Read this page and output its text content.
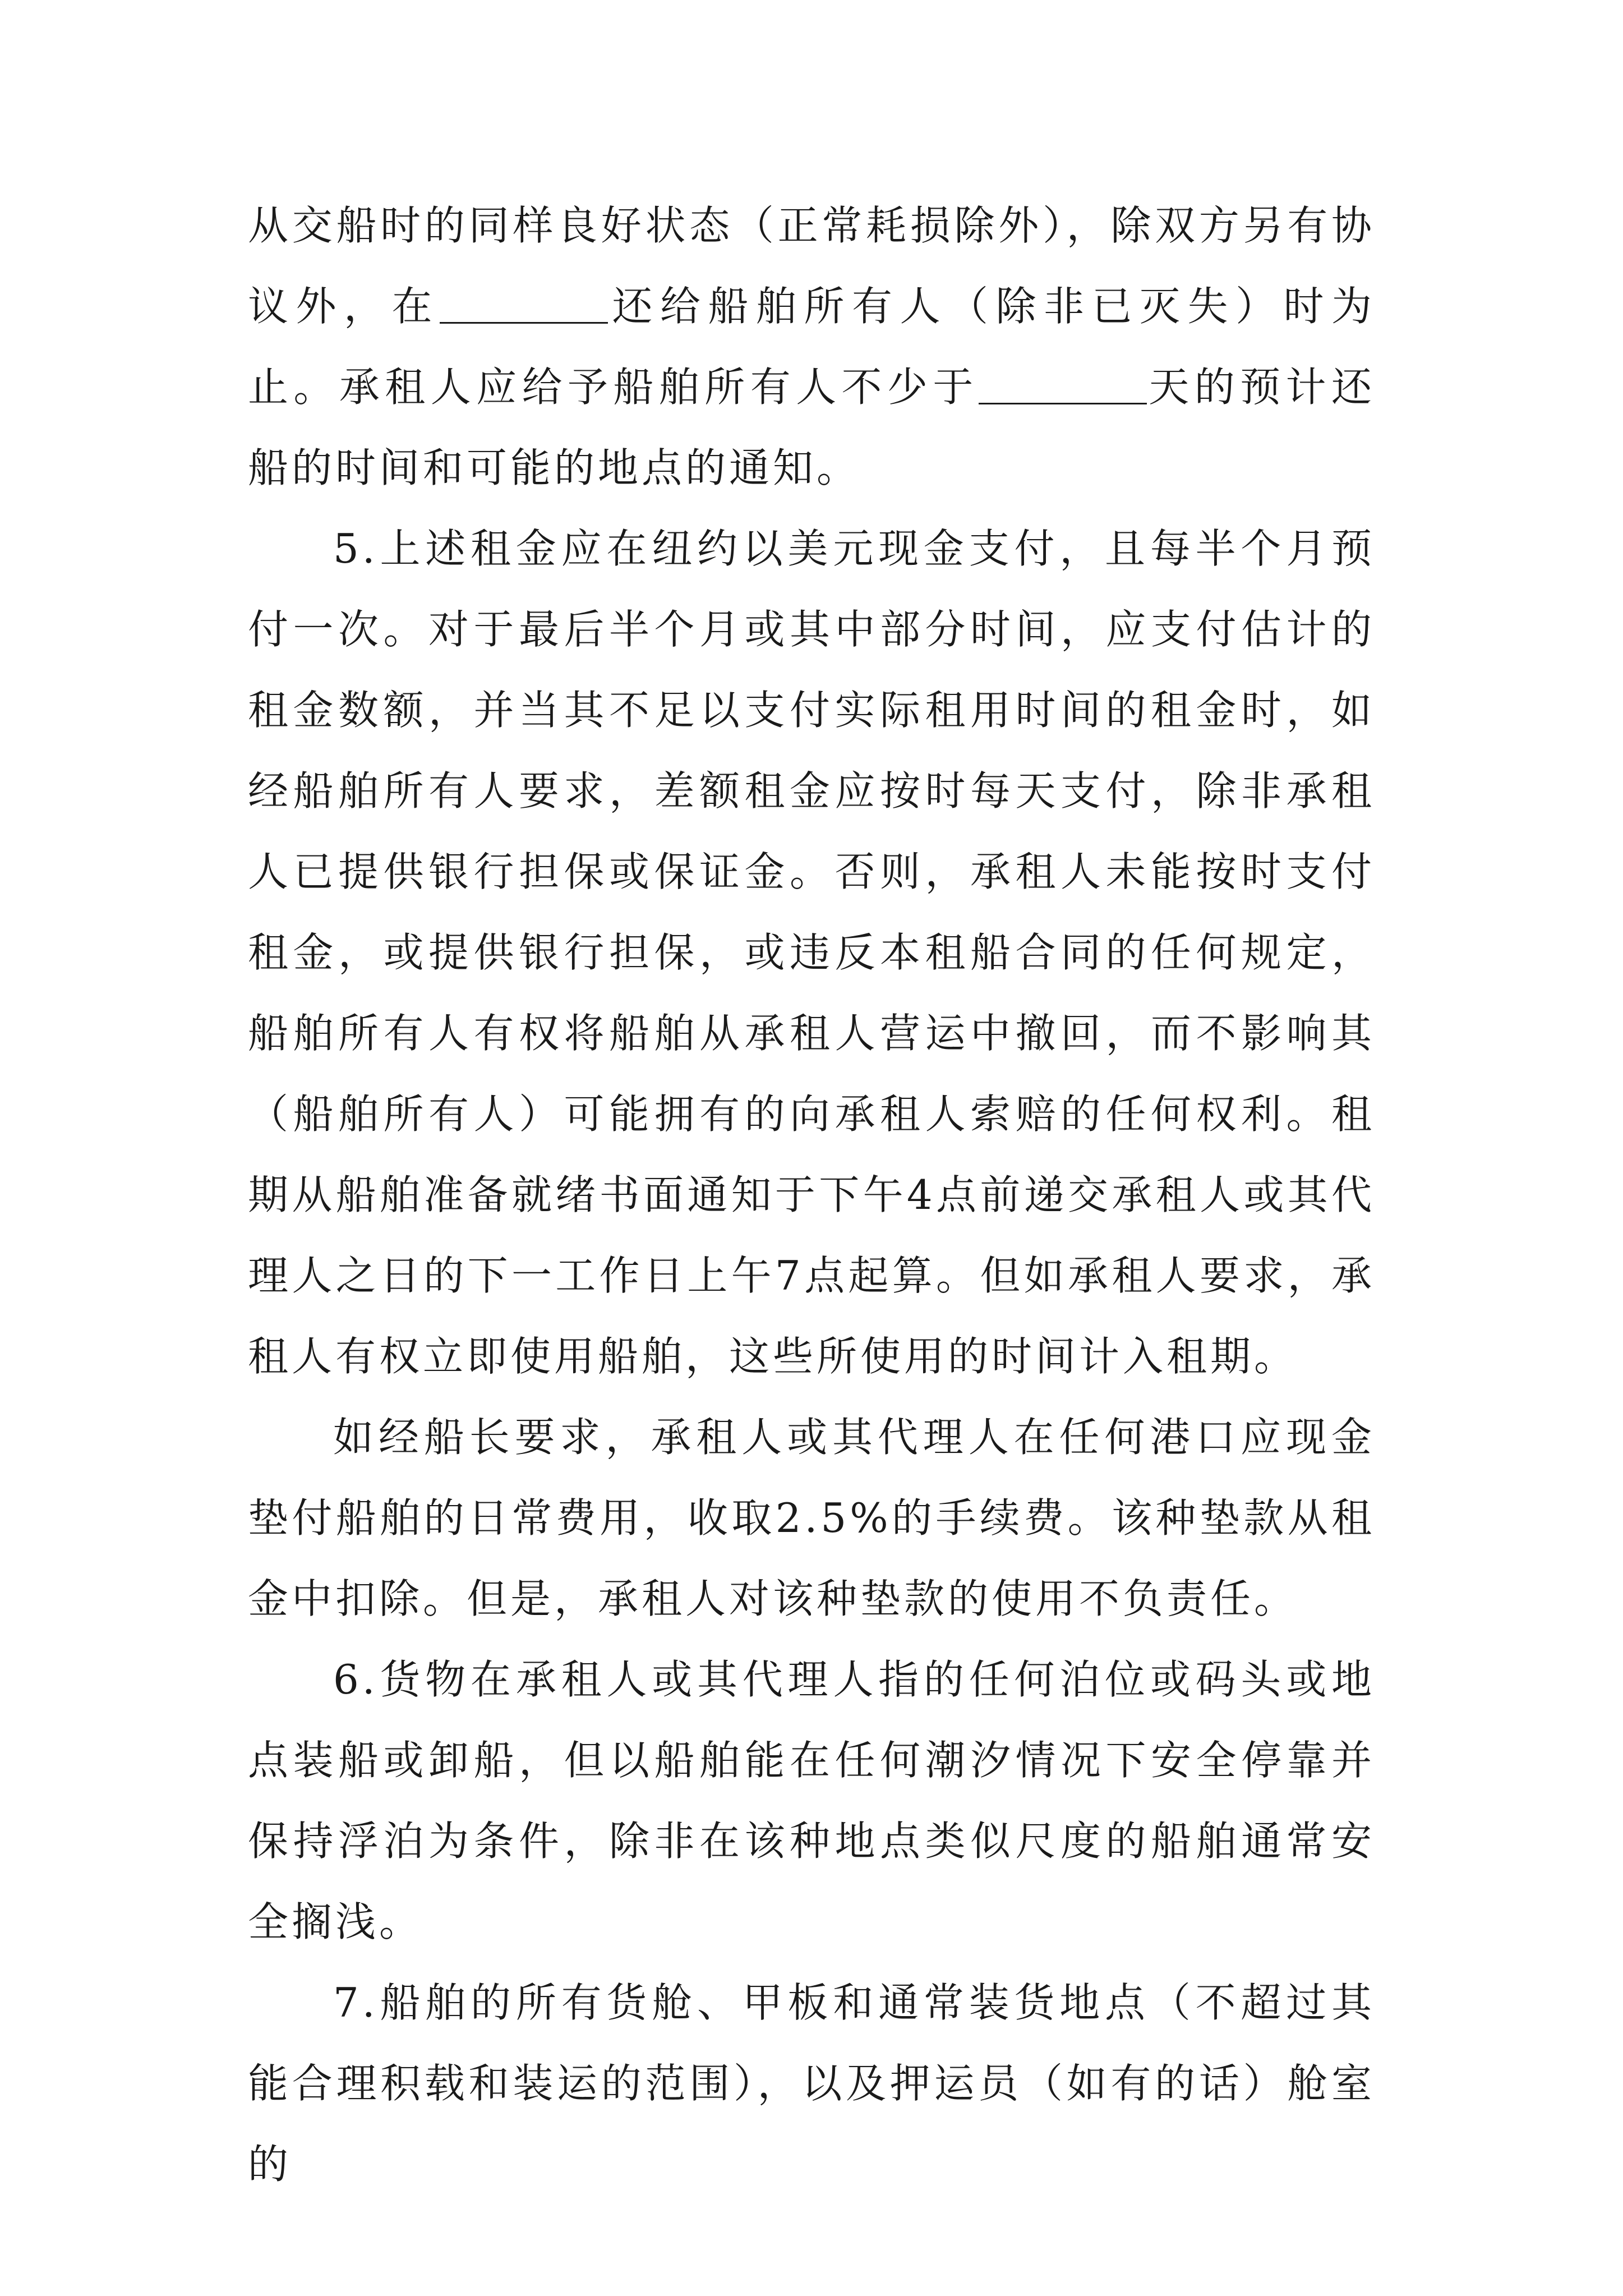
从交船时的同样良好状态（正常耗损除外），除双方另有协议外，在	还给船舶所有人（除非已灭失）时为止。承租人应给予船舶所有人不少于	天的预计还船的时间和可能的地点的通知。

5.上述租金应在纽约以美元现金支付，且每半个月预付一次。对于最后半个月或其中部分时间，应支付估计的租金数额，并当其不足以支付实际租用时间的租金时，如经船舶所有人要求，差额租金应按时每天支付，除非承租人已提供银行担保或保证金。否则，承租人未能按时支付租金，或提供银行担保，或违反本租船合同的任何规定，船舶所有人有权将船舶从承租人营运中撤回，而不影响其（船舶所有人）可能拥有的向承租人索赔的任何权利。租期从船舶准备就绪书面通知于下午4点前递交承租人或其代理人之日的下一工作日上午7点起算。但如承租人要求，承租人有权立即使用船舶，这些所使用的时间计入租期。

如经船长要求，承租人或其代理人在任何港口应现金垫付船舶的日常费用，收取2.5%的手续费。该种垫款从租金中扣除。但是，承租人对该种垫款的使用不负责任。

6.货物在承租人或其代理人指的任何泊位或码头或地点装船或卸船，但以船舶能在任何潮汐情况下安全停靠并保持浮泊为条件，除非在该种地点类似尺度的船舶通常安全搁浅。

7.船舶的所有货舱、甲板和通常装货地点（不超过其能合理积载和装运的范围），以及押运员（如有的话）舱室的
